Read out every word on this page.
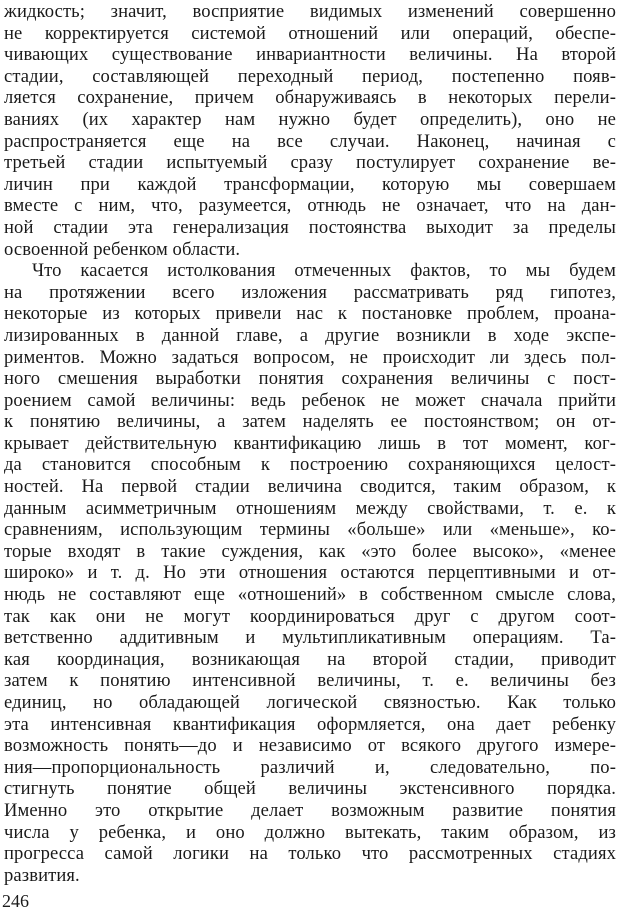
жидкость; значит, восприятие видимых изменений совершенно
не корректируется системой отношений или операций, обеспе-
чивающих существование инвариантности величины. На второй
стадии, составляющей переходный период, постепенно появ-
ляется сохранение, причем обнаруживаясь в некоторых перели-
ваниях (их характер нам нужно будет определить), оно не
распространяется еще на все случаи. Наконец, начиная с
третьей стадии испытуемый сразу постулирует сохранение ве-
личин при каждой трансформации, которую мы совершаем
вместе с ним, что, разумеется, отнюдь не означает, что на дан-
ной стадии эта генерализация постоянства выходит за пределы
освоенной ребенком области.
Что касается истолкования отмеченных фактов, то мы будем
на протяжении всего изложения рассматривать ряд гипотез,
некоторые из которых привели нас к постановке проблем, проана-
лизированных в данной главе, а другие возникли в ходе экспе-
риментов. Можно задаться вопросом, не происходит ли здесь пол-
ного смешения выработки понятия сохранения величины с пост-
роением самой величины: ведь ребенок не может сначала прийти
к понятию величины, а затем наделять ее постоянством; он от-
крывает действительную квантификацию лишь в тот момент, ког-
да становится способным к построению сохраняющихся целост-
ностей. На первой стадии величина сводится, таким образом, к
данным асимметричным отношениям между свойствами, т. е. к
сравнениям, использующим термины «больше» или «меньше», ко-
торые входят в такие суждения, как «это более высоко», «менее
широко» и т. д. Но эти отношения остаются перцептивными и от-
нюдь не составляют еще «отношений» в собственном смысле слова,
так как они не могут координироваться друг с другом соот-
ветственно аддитивным и мультипликативным операциям. Та-
кая координация, возникающая на второй стадии, приводит
затем к понятию интенсивной величины, т. е. величины без
единиц, но обладающей логической связностью. Как только
эта интенсивная квантификация оформляется, она дает ребенку
возможность понять—до и независимо от всякого другого измере-
ния—пропорциональность различий и, следовательно, по-
стигнуть понятие общей величины экстенсивного порядка.
Именно это открытие делает возможным развитие понятия
числа у ребенка, и оно должно вытекать, таким образом, из
прогресса самой логики на только что рассмотренных стадиях
развития.
246
